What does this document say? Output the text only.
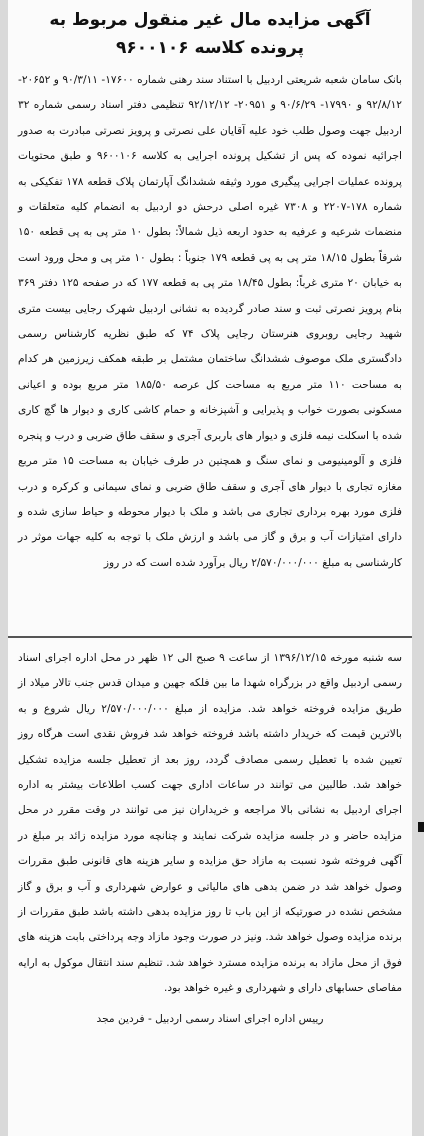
آگهی مزایده مال غیر منقول مربوط به
پرونده کلاسه ۹۶۰۰۱۰۶

بانک سامان شعبه شریعتی اردبیل با استناد سند رهنی شماره ۱۷۶۰۰- ۹۰/۳/۱۱ و ۲۰۶۵۲- ۹۲/۸/۱۲ و ۱۷۹۹۰- ۹۰/۶/۲۹ و ۲۰۹۵۱- ۹۲/۱۲/۱۲ تنظیمی دفتر اسناد رسمی شماره ۳۲ اردبیل جهت وصول طلب خود علیه آقایان علی نصرتی و پرویز نصرتی مبادرت به صدور اجرائیه نموده که پس از تشکیل پرونده اجرایی به کلاسه ۹۶۰۰۱۰۶ و طبق محتویات پرونده عملیات اجرایی پیگیری مورد وثیقه ششدانگ آپارتمان پلاک قطعه ۱۷۸ تفکیکی به شماره ۱۷۸-۲۲۰۷ و ۷۳۰۸ غیره اصلی درحش دو اردبیل به انضمام کلیه متعلقات و منضمات شرعیه و عرفیه به حدود اربعه ذیل شمالاً: بطول ۱۰ متر پی به پی قطعه ۱۵۰ شرقاً بطول ۱۸/۱۵ متر پی به پی قطعه ۱۷۹ جنوباً : بطول ۱۰ متر پی و محل ورود است به خیابان ۲۰ متری غرباً: بطول ۱۸/۴۵ متر پی به قطعه ۱۷۷ که در صفحه ۱۲۵ دفتر ۳۶۹ بنام پرویز نصرتی ثبت و سند صادر گردیده به نشانی اردبیل شهرک رجایی بیست متری شهید رجایی روبروی هنرستان رجایی پلاک ۷۴ که طبق نظریه کارشناس رسمی دادگستری ملک موصوف ششدانگ ساختمان مشتمل بر طبقه همکف زیرزمین هر کدام به مساحت ۱۱۰ متر مربع به مساحت کل عرصه ۱۸۵/۵۰ متر مربع بوده و اعیانی مسکونی بصورت خواب و پذیرایی و آشپزخانه و حمام کاشی کاری و دیوار ها گچ کاری شده با اسکلت نیمه فلزی و دیوار های باربری آجری و سقف طاق ضربی و درب و پنجره فلزی و آلومینیومی و نمای سنگ و همچنین در طرف خیابان به مساحت ۱۵ متر مربع مغازه تجاری با دیوار های آجری و سقف طاق ضربی و نمای سیمانی و کرکره و درب فلزی مورد بهره برداری تجاری می باشد و ملک با دیوار محوطه و حیاط سازی شده و دارای امتیازات آب و برق و گاز می باشد و ارزش ملک با توجه به کلیه جهات موثر در کارشناسی به مبلغ ۲/۵۷۰/۰۰۰/۰۰۰ ریال برآورد شده است که در روز

سه شنبه مورخه ۱۳۹۶/۱۲/۱۵ از ساعت ۹ صبح الی ۱۲ ظهر در محل اداره اجرای اسناد رسمی اردبیل واقع در بزرگراه شهدا ما بین فلکه جهین و میدان قدس جنب تالار میلاد از طریق مزایده فروخته خواهد شد. مزایده از مبلغ ۲/۵۷۰/۰۰۰/۰۰۰ ریال شروع و به بالاترین قیمت که خریدار داشته باشد فروخته خواهد شد فروش نقدی است هرگاه روز تعیین شده با تعطیل رسمی مصادف گردد، روز بعد از تعطیل جلسه مزایده تشکیل خواهد شد. طالبین می توانند در ساعات اداری جهت کسب اطلاعات بیشتر به اداره اجرای اردبیل به نشانی بالا مراجعه و خریداران نیز می توانند در وقت مقرر در محل مزایده حاضر و در جلسه مزایده شرکت نمایند و چنانچه مورد مزایده زائد بر مبلغ در آگهی فروخته شود نسبت به مازاد حق مزایده و سایر هزینه های قانونی طبق مقررات وصول خواهد شد در ضمن بدهی های مالیاتی و عوارض شهرداری و آب و برق و گاز مشخص نشده در صورتیکه از این باب تا روز مزایده بدهی داشته باشد طبق مقررات از برنده مزایده وصول خواهد شد. ونیز در صورت وجود مازاد وجه پرداختی بابت هزینه های فوق از محل مازاد به برنده مزایده مسترد خواهد شد. تنظیم سند انتقال موکول به ارایه مفاصای حسابهای دارای و شهرداری و غیره خواهد بود.

رییس اداره اجرای اسناد رسمی اردبیل - فردین مجد
